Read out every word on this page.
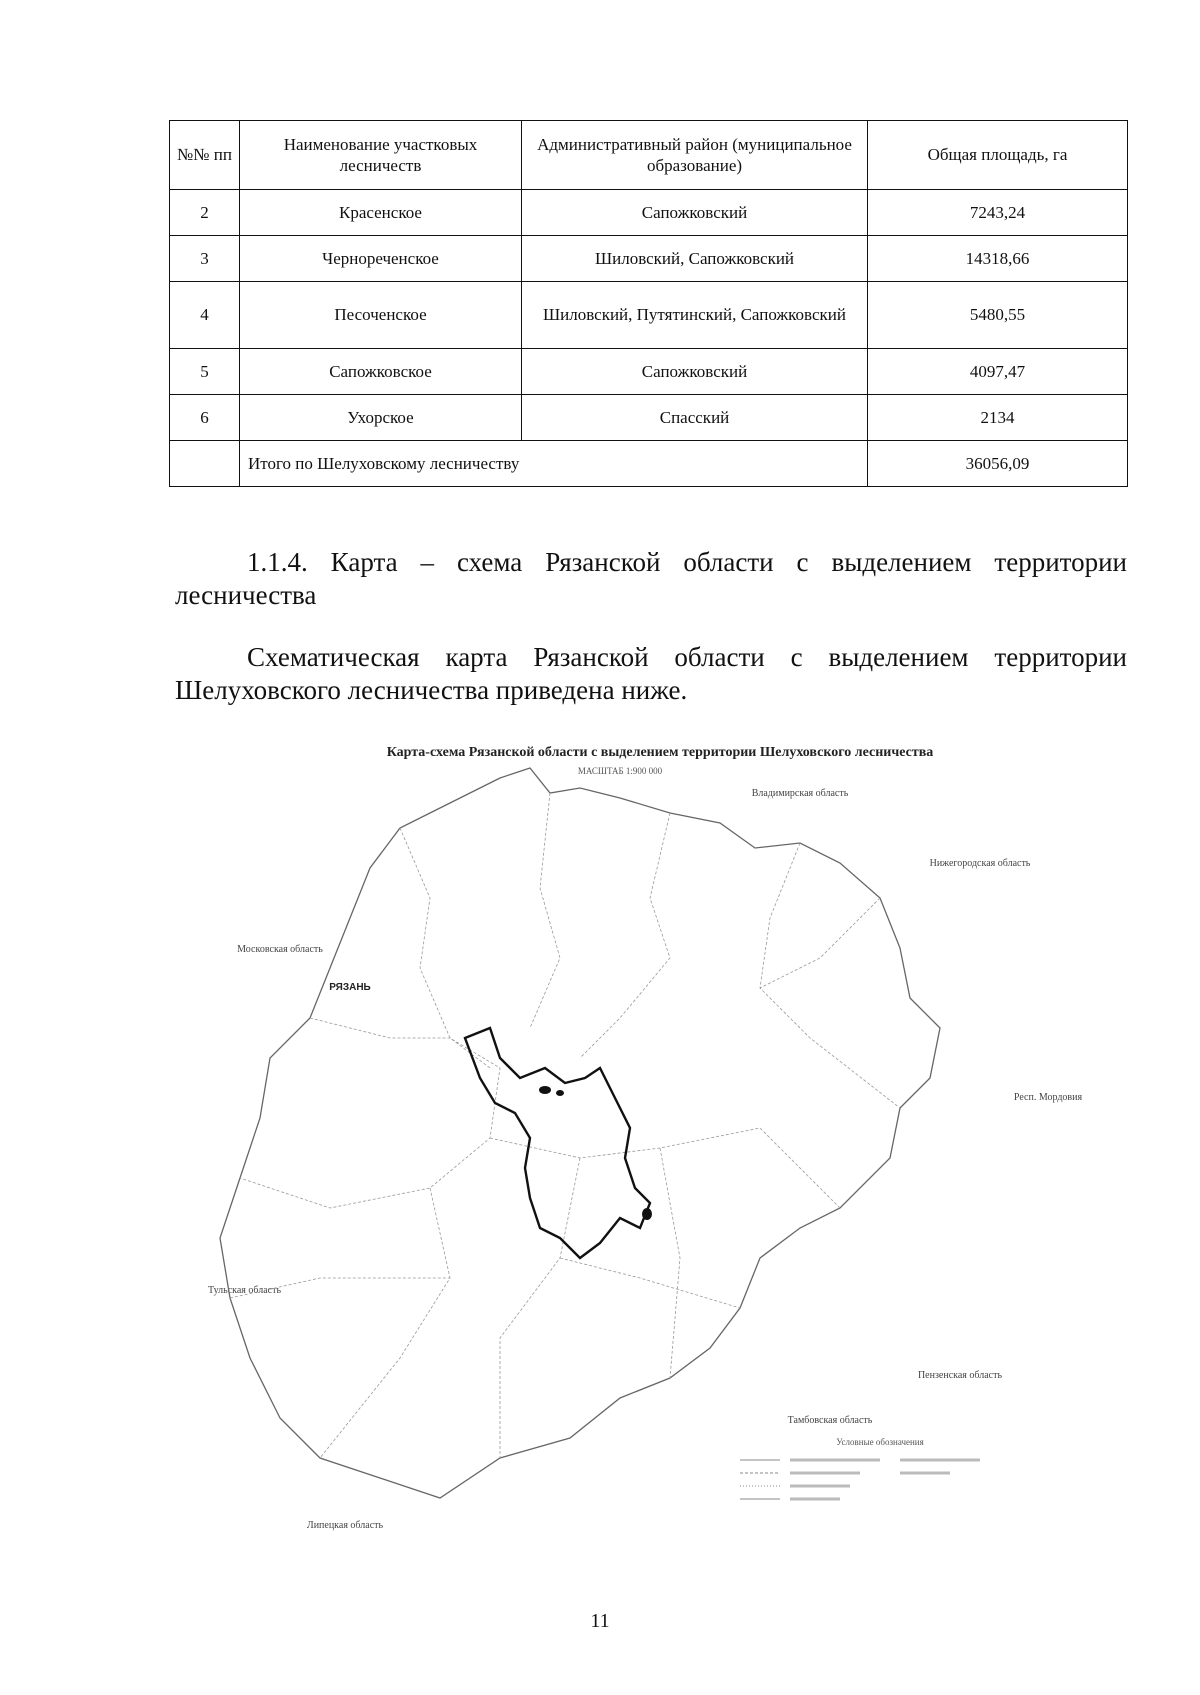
№№ пп	Наименование участковых лесничеств	Административный район (муниципальное образование)	Общая площадь, га
2	Красенское	Сапожковский	7243,24
3	Чернореченское	Шиловский, Сапожковский	14318,66
4	Песоченское	Шиловский, Путятинский, Сапожковский	5480,55
5	Сапожковское	Сапожковский	4097,47
6	Ухорское	Спасский	2134
	Итого по Шелуховскому лесничеству		36056,09
1.1.4. Карта – схема Рязанской области с выделением территории лесничества
Схематическая карта Рязанской области с выделением территории Шелуховского лесничества приведена ниже.
Карта-схема Рязанской области с выделением территории Шелуховского лесничества
МАСШТАБ 1:900 000
Владимирская область
Нижегородская область
Московская область
Респ. Мордовия
Тульская область
Пензенская область
Тамбовская область
Липецкая область
РЯЗАНЬ
Условные обозначения
11
